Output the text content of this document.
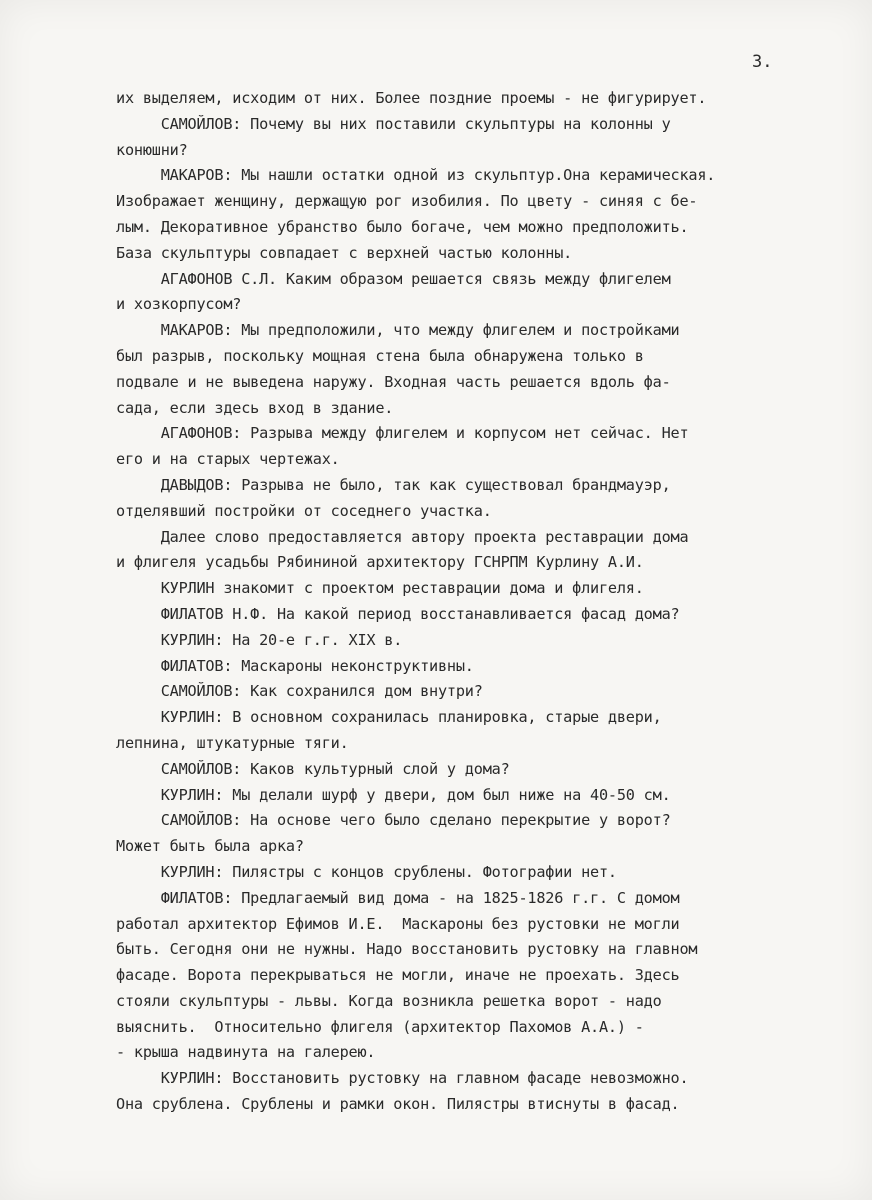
3.
их выделяем, исходим от них. Более поздние проемы - не фигурирует.
САМОЙЛОВ: Почему вы них поставили скульптуры на колонны у
конюшни?
МАКАРОВ: Мы нашли остатки одной из скульптур.Она керамическая.
Изображает женщину, держащую рог изобилия. По цвету - синяя с бе-
лым. Декоративное убранство было богаче, чем можно предположить.
База скульптуры совпадает с верхней частью колонны.
АГАФОНОВ С.Л. Каким образом решается связь между флигелем
и хозкорпусом?
МАКАРОВ: Мы предположили, что между флигелем и постройками
был разрыв, поскольку мощная стена была обнаружена только в
подвале и не выведена наружу. Входная часть решается вдоль фа-
сада, если здесь вход в здание.
АГАФОНОВ: Разрыва между флигелем и корпусом нет сейчас. Нет
его и на старых чертежах.
ДАВЫДОВ: Разрыва не было, так как существовал брандмауэр,
отделявший постройки от соседнего участка.
Далее слово предоставляется автору проекта реставрации дома
и флигеля усадьбы Рябининой архитектору ГСНРПМ Курлину А.И.
КУРЛИН знакомит с проектом реставрации дома и флигеля.
ФИЛАТОВ Н.Ф. На какой период восстанавливается фасад дома?
КУРЛИН: На 20-е г.г. XIX в.
ФИЛАТОВ: Маскароны неконструктивны.
САМОЙЛОВ: Как сохранился дом внутри?
КУРЛИН: В основном сохранилась планировка, старые двери,
лепнина, штукатурные тяги.
САМОЙЛОВ: Каков культурный слой у дома?
КУРЛИН: Мы делали шурф у двери, дом был ниже на 40-50 см.
САМОЙЛОВ: На основе чего было сделано перекрытие у ворот?
Может быть была арка?
КУРЛИН: Пилястры с концов срублены. Фотографии нет.
ФИЛАТОВ: Предлагаемый вид дома - на 1825-1826 г.г. С домом
работал архитектор Ефимов И.Е.  Маскароны без рустовки не могли
быть. Сегодня они не нужны. Надо восстановить рустовку на главном
фасаде. Ворота перекрываться не могли, иначе не проехать. Здесь
стояли скульптуры - львы. Когда возникла решетка ворот - надо
выяснить.  Относительно флигеля (архитектор Пахомов А.А.) -
- крыша надвинута на галерею.
КУРЛИН: Восстановить рустовку на главном фасаде невозможно.
Она срублена. Срублены и рамки окон. Пилястры втиснуты в фасад.
